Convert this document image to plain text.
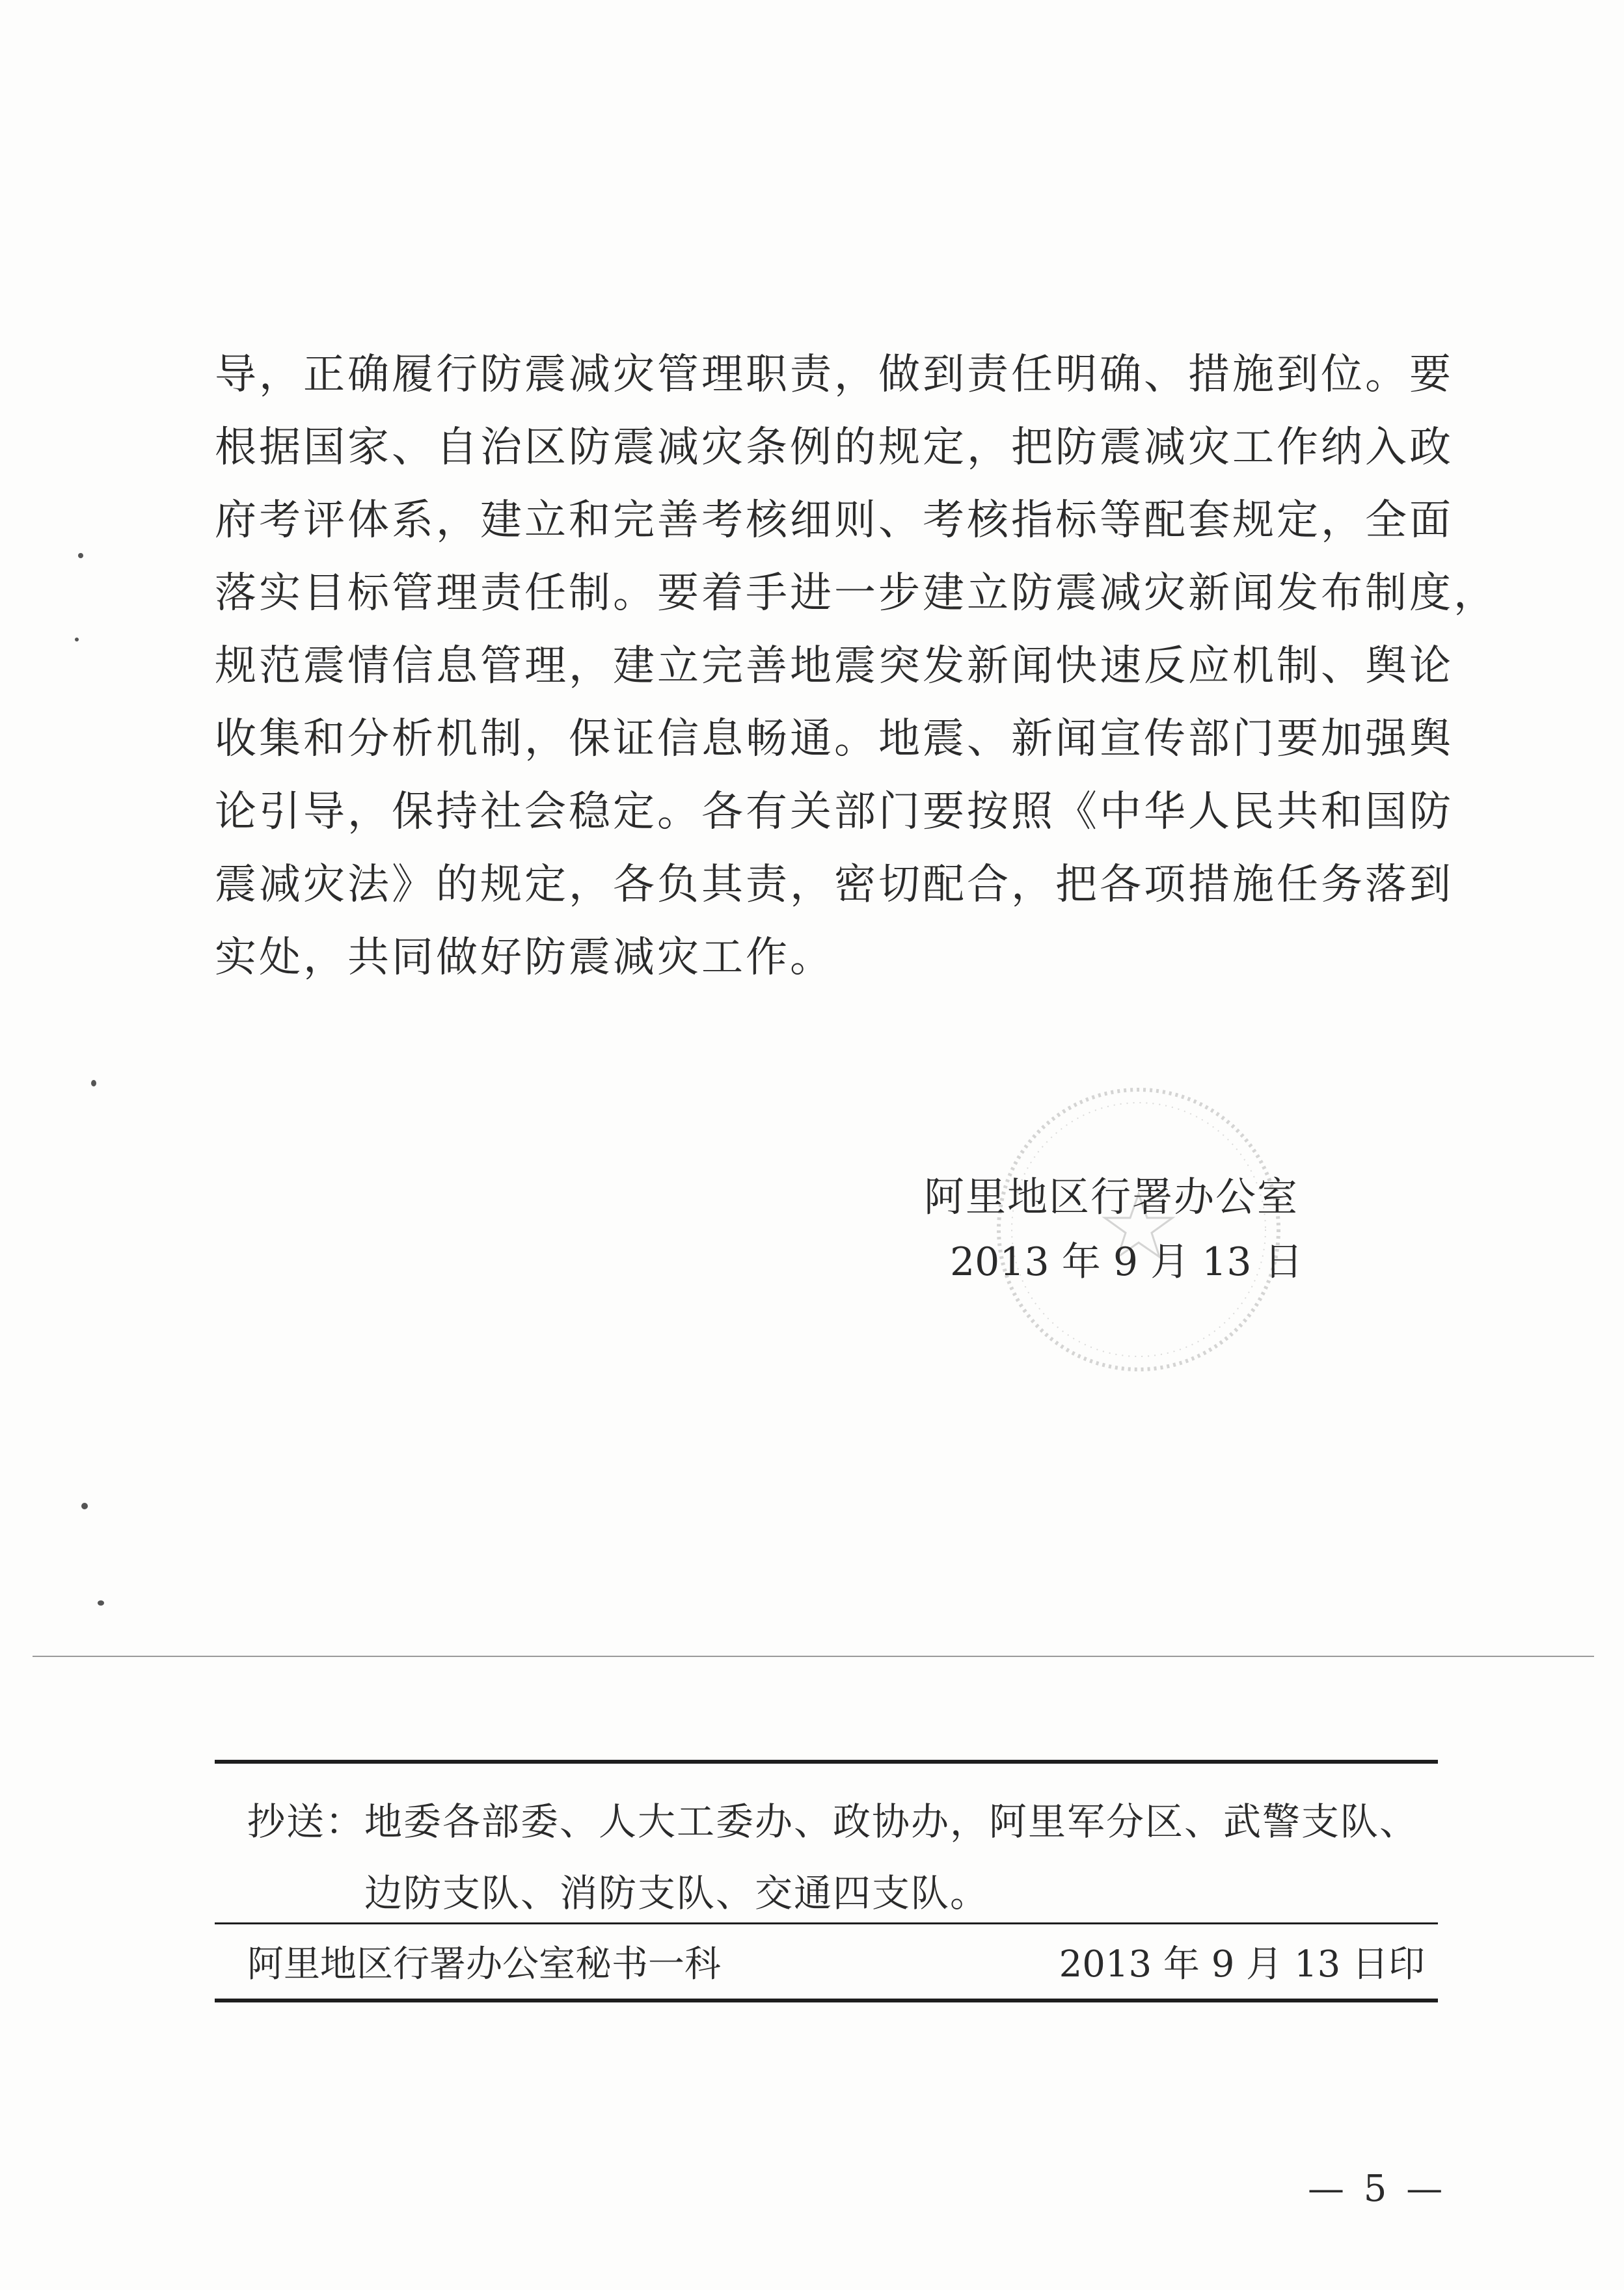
导，正确履行防震减灾管理职责，做到责任明确、措施到位。要
根据国家、自治区防震减灾条例的规定，把防震减灾工作纳入政
府考评体系，建立和完善考核细则、考核指标等配套规定，全面
落实目标管理责任制。要着手进一步建立防震减灾新闻发布制度，
规范震情信息管理，建立完善地震突发新闻快速反应机制、舆论
收集和分析机制，保证信息畅通。地震、新闻宣传部门要加强舆
论引导，保持社会稳定。各有关部门要按照《中华人民共和国防
震减灾法》的规定，各负其责，密切配合，把各项措施任务落到
实处，共同做好防震减灾工作。
阿里地区行署办公室
2013 年 9 月 13 日
抄送：地委各部委、人大工委办、政协办，阿里军分区、武警支队、
边防支队、消防支队、交通四支队。
阿里地区行署办公室秘书一科	2013 年 9 月 13 日印
— 5 —
